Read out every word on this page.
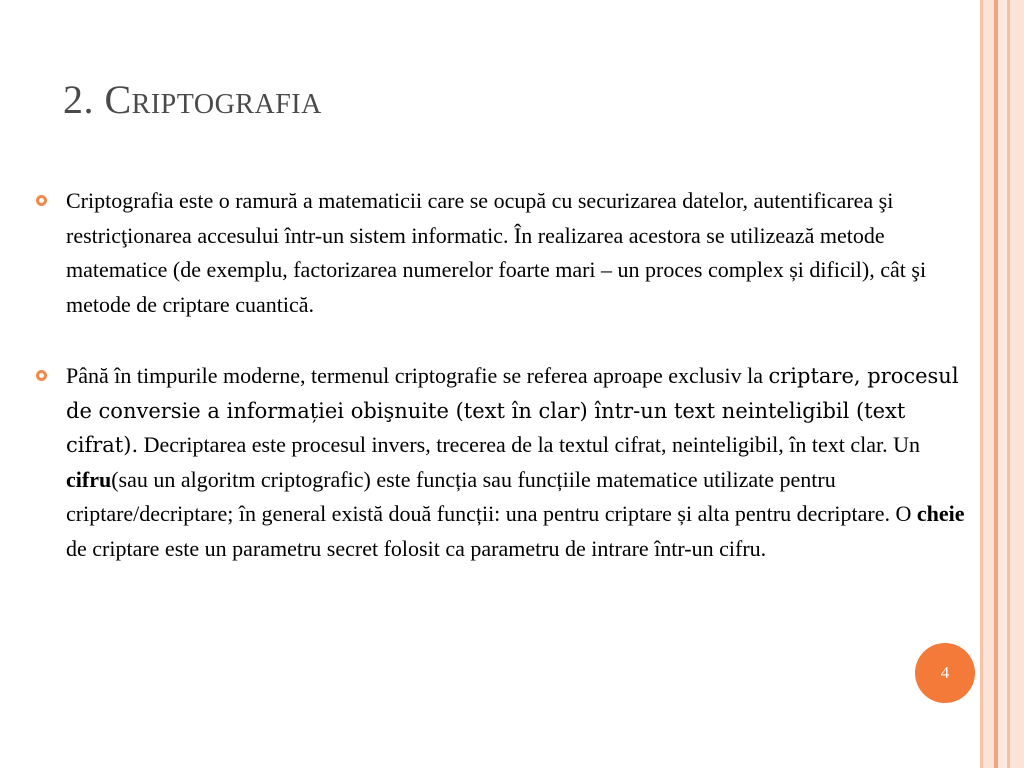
2. Criptografia
Criptografia este o ramură a matematicii care se ocupă cu securizarea datelor, autentificarea şi restricţionarea accesului într-un sistem informatic. În realizarea acestora se utilizează metode matematice (de exemplu, factorizarea numerelor foarte mari – un proces complex și dificil), cât şi metode de criptare cuantică.
Până în timpurile moderne, termenul criptografie se referea aproape exclusiv la criptare, procesul de conversie a informației obişnuite (text în clar) într-un text neinteligibil (text cifrat). Decriptarea este procesul invers, trecerea de la textul cifrat, neinteligibil, în text clar. Un cifru(sau un algoritm criptografic) este funcția sau funcțiile matematice utilizate pentru criptare/decriptare; în general există două funcții: una pentru criptare și alta pentru decriptare. O cheie de criptare este un parametru secret folosit ca parametru de intrare într-un cifru.
4
